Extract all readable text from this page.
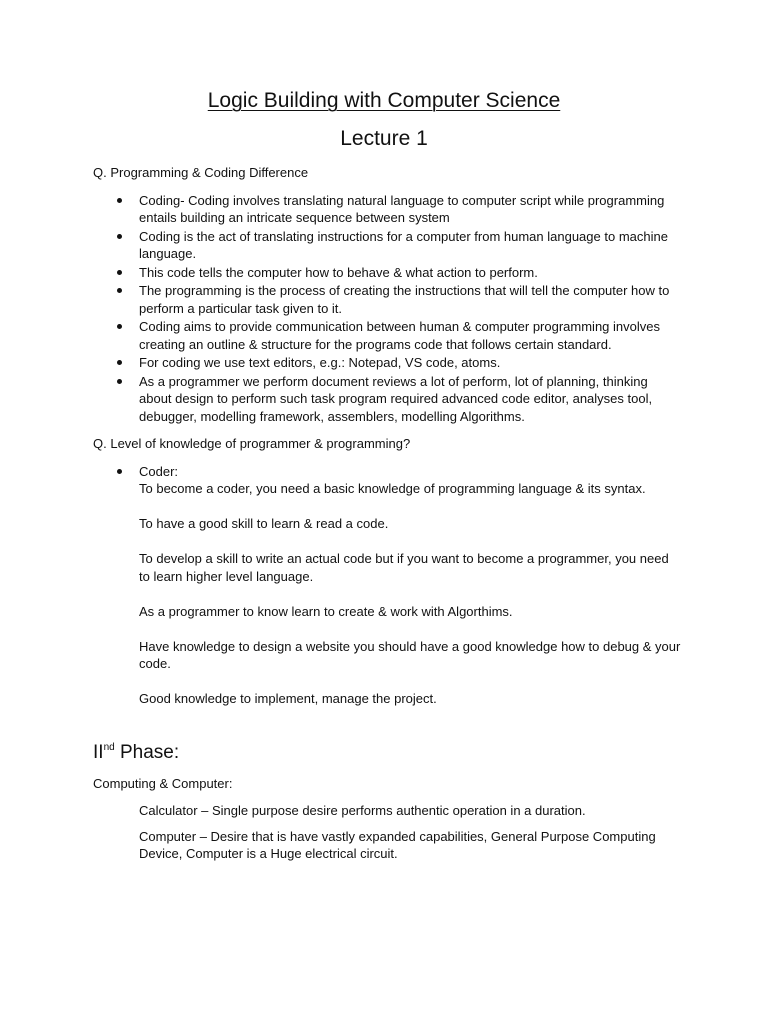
Logic Building with Computer Science
Lecture 1

Q. Programming & Coding Difference

Coding- Coding involves translating natural language to computer script while programming entails building an intricate sequence between system
Coding is the act of translating instructions for a computer from human language to machine language.
This code tells the computer how to behave & what action to perform.
The programming is the process of creating the instructions that will tell the computer how to perform a particular task given to it.
Coding aims to provide communication between human & computer programming involves creating an outline & structure for the programs code that follows certain standard.
For coding we use text editors, e.g.: Notepad, VS code, atoms.
As a programmer we perform document reviews a lot of perform, lot of planning, thinking about design to perform such task program required advanced code editor, analyses tool, debugger, modelling framework, assemblers, modelling Algorithms.

Q. Level of knowledge of programmer & programming?

Coder:

To become a coder, you need a basic knowledge of programming language & its syntax.

To have a good skill to learn & read a code.

To develop a skill to write an actual code but if you want to become a programmer, you need to learn higher level language.

As a programmer to know learn to create & work with Algorthims.

Have knowledge to design a website you should have a good knowledge how to debug & your code.

Good knowledge to implement, manage the project.

IInd Phase:

Computing & Computer:

Calculator – Single purpose desire performs authentic operation in a duration.

Computer – Desire that is have vastly expanded capabilities, General Purpose Computing Device, Computer is a Huge electrical circuit.
